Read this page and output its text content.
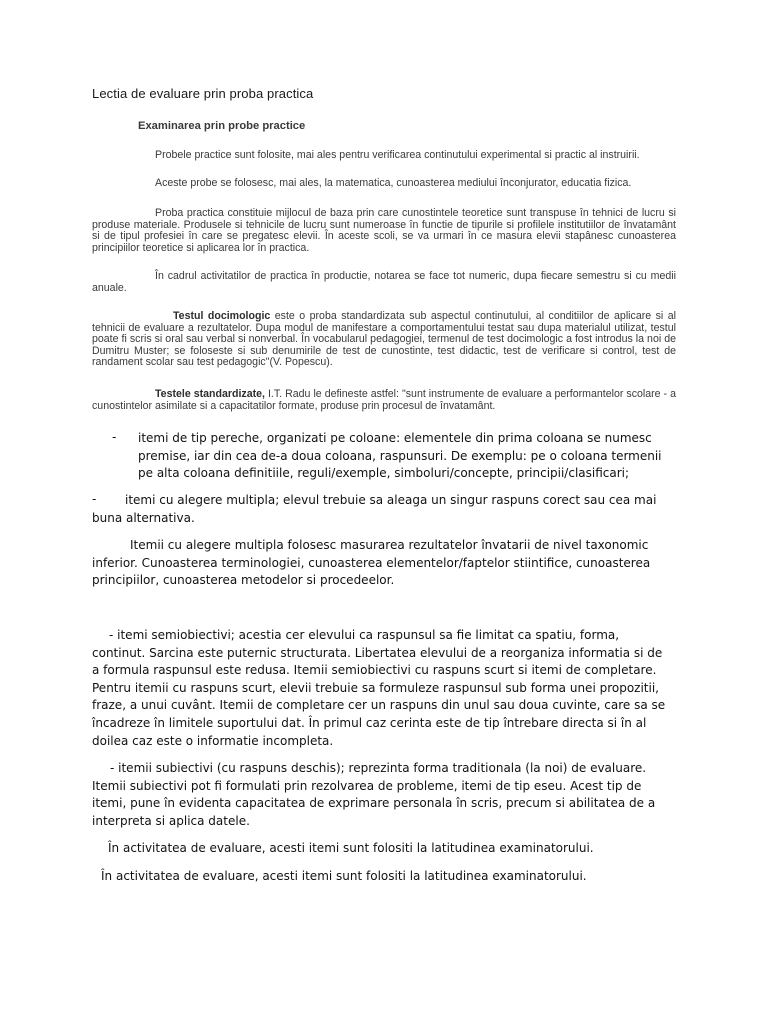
Lectia de evaluare prin proba practica
Examinarea prin probe practice
Probele practice sunt folosite, mai ales pentru verificarea continutului experimental si practic al instruirii.
Aceste probe se folosesc, mai ales, la matematica, cunoasterea mediului înconjurator, educatia fizica.
Proba practica constituie mijlocul de baza prin care cunostintele teoretice sunt transpuse în tehnici de lucru si produse materiale. Produsele si tehnicile de lucru sunt numeroase în functie de tipurile si profilele institutiilor de învatamânt si de tipul profesiei în care se pregatesc elevii. În aceste scoli, se va urmari în ce masura elevii stapânesc cunoasterea principiilor teoretice si aplicarea lor în practica.
În cadrul activitatilor de practica în productie, notarea se face tot numeric, dupa fiecare semestru si cu medii anuale.
Testul docimologic este o proba standardizata sub aspectul continutului, al conditiilor de aplicare si al tehnicii de evaluare a rezultatelor. Dupa modul de manifestare a comportamentului testat sau dupa materialul utilizat, testul poate fi scris si oral sau verbal si nonverbal. În vocabularul pedagogiei, termenul de test docimologic a fost introdus la noi de Dumitru Muster; se foloseste si sub denumirile de test de cunostinte, test didactic, test de verificare si control, test de randament scolar sau test pedagogic"(V. Popescu).
Testele standardizate, I.T. Radu le defineste astfel: "sunt instrumente de evaluare a performantelor scolare - a cunostintelor asimilate si a capacitatilor formate, produse prin procesul de învatamânt.
- itemi de tip pereche, organizati pe coloane: elementele din prima coloana se numesc premise, iar din cea de-a doua coloana, raspunsuri. De exemplu: pe o coloana termenii pe alta coloana definitiile, reguli/exemple, simboluri/concepte, principii/clasificari;

-	itemi cu alegere multipla; elevul trebuie sa aleaga un singur raspuns corect sau cea mai buna alternativa.

Itemii cu alegere multipla folosesc masurarea rezultatelor învatarii de nivel taxonomic inferior. Cunoasterea terminologiei, cunoasterea elementelor/faptelor stiintifice, cunoasterea principiilor, cunoasterea metodelor si procedeelor.

- itemi semiobiectivi; acestia cer elevului ca raspunsul sa fie limitat ca spatiu, forma, continut. Sarcina este puternic structurata. Libertatea elevului de a reorganiza informatia si de a formula raspunsul este redusa. Itemii semiobiectivi cu raspuns scurt si itemi de completare. Pentru itemii cu raspuns scurt, elevii trebuie sa formuleze raspunsul sub forma unei propozitii, fraze, a unui cuvânt. Itemii de completare cer un raspuns din unul sau doua cuvinte, care sa se încadreze în limitele suportului dat. În primul caz cerinta este de tip întrebare directa si în al doilea caz este o informatie incompleta.

- itemii subiectivi (cu raspuns deschis); reprezinta forma traditionala (la noi) de evaluare. Itemii subiectivi pot fi formulati prin rezolvarea de probleme, itemi de tip eseu. Acest tip de itemi, pune în evidenta capacitatea de exprimare personala în scris, precum si abilitatea de a interpreta si aplica datele.

În activitatea de evaluare, acesti itemi sunt folositi la latitudinea examinatorului.

În activitatea de evaluare, acesti itemi sunt folositi la latitudinea examinatorului.
